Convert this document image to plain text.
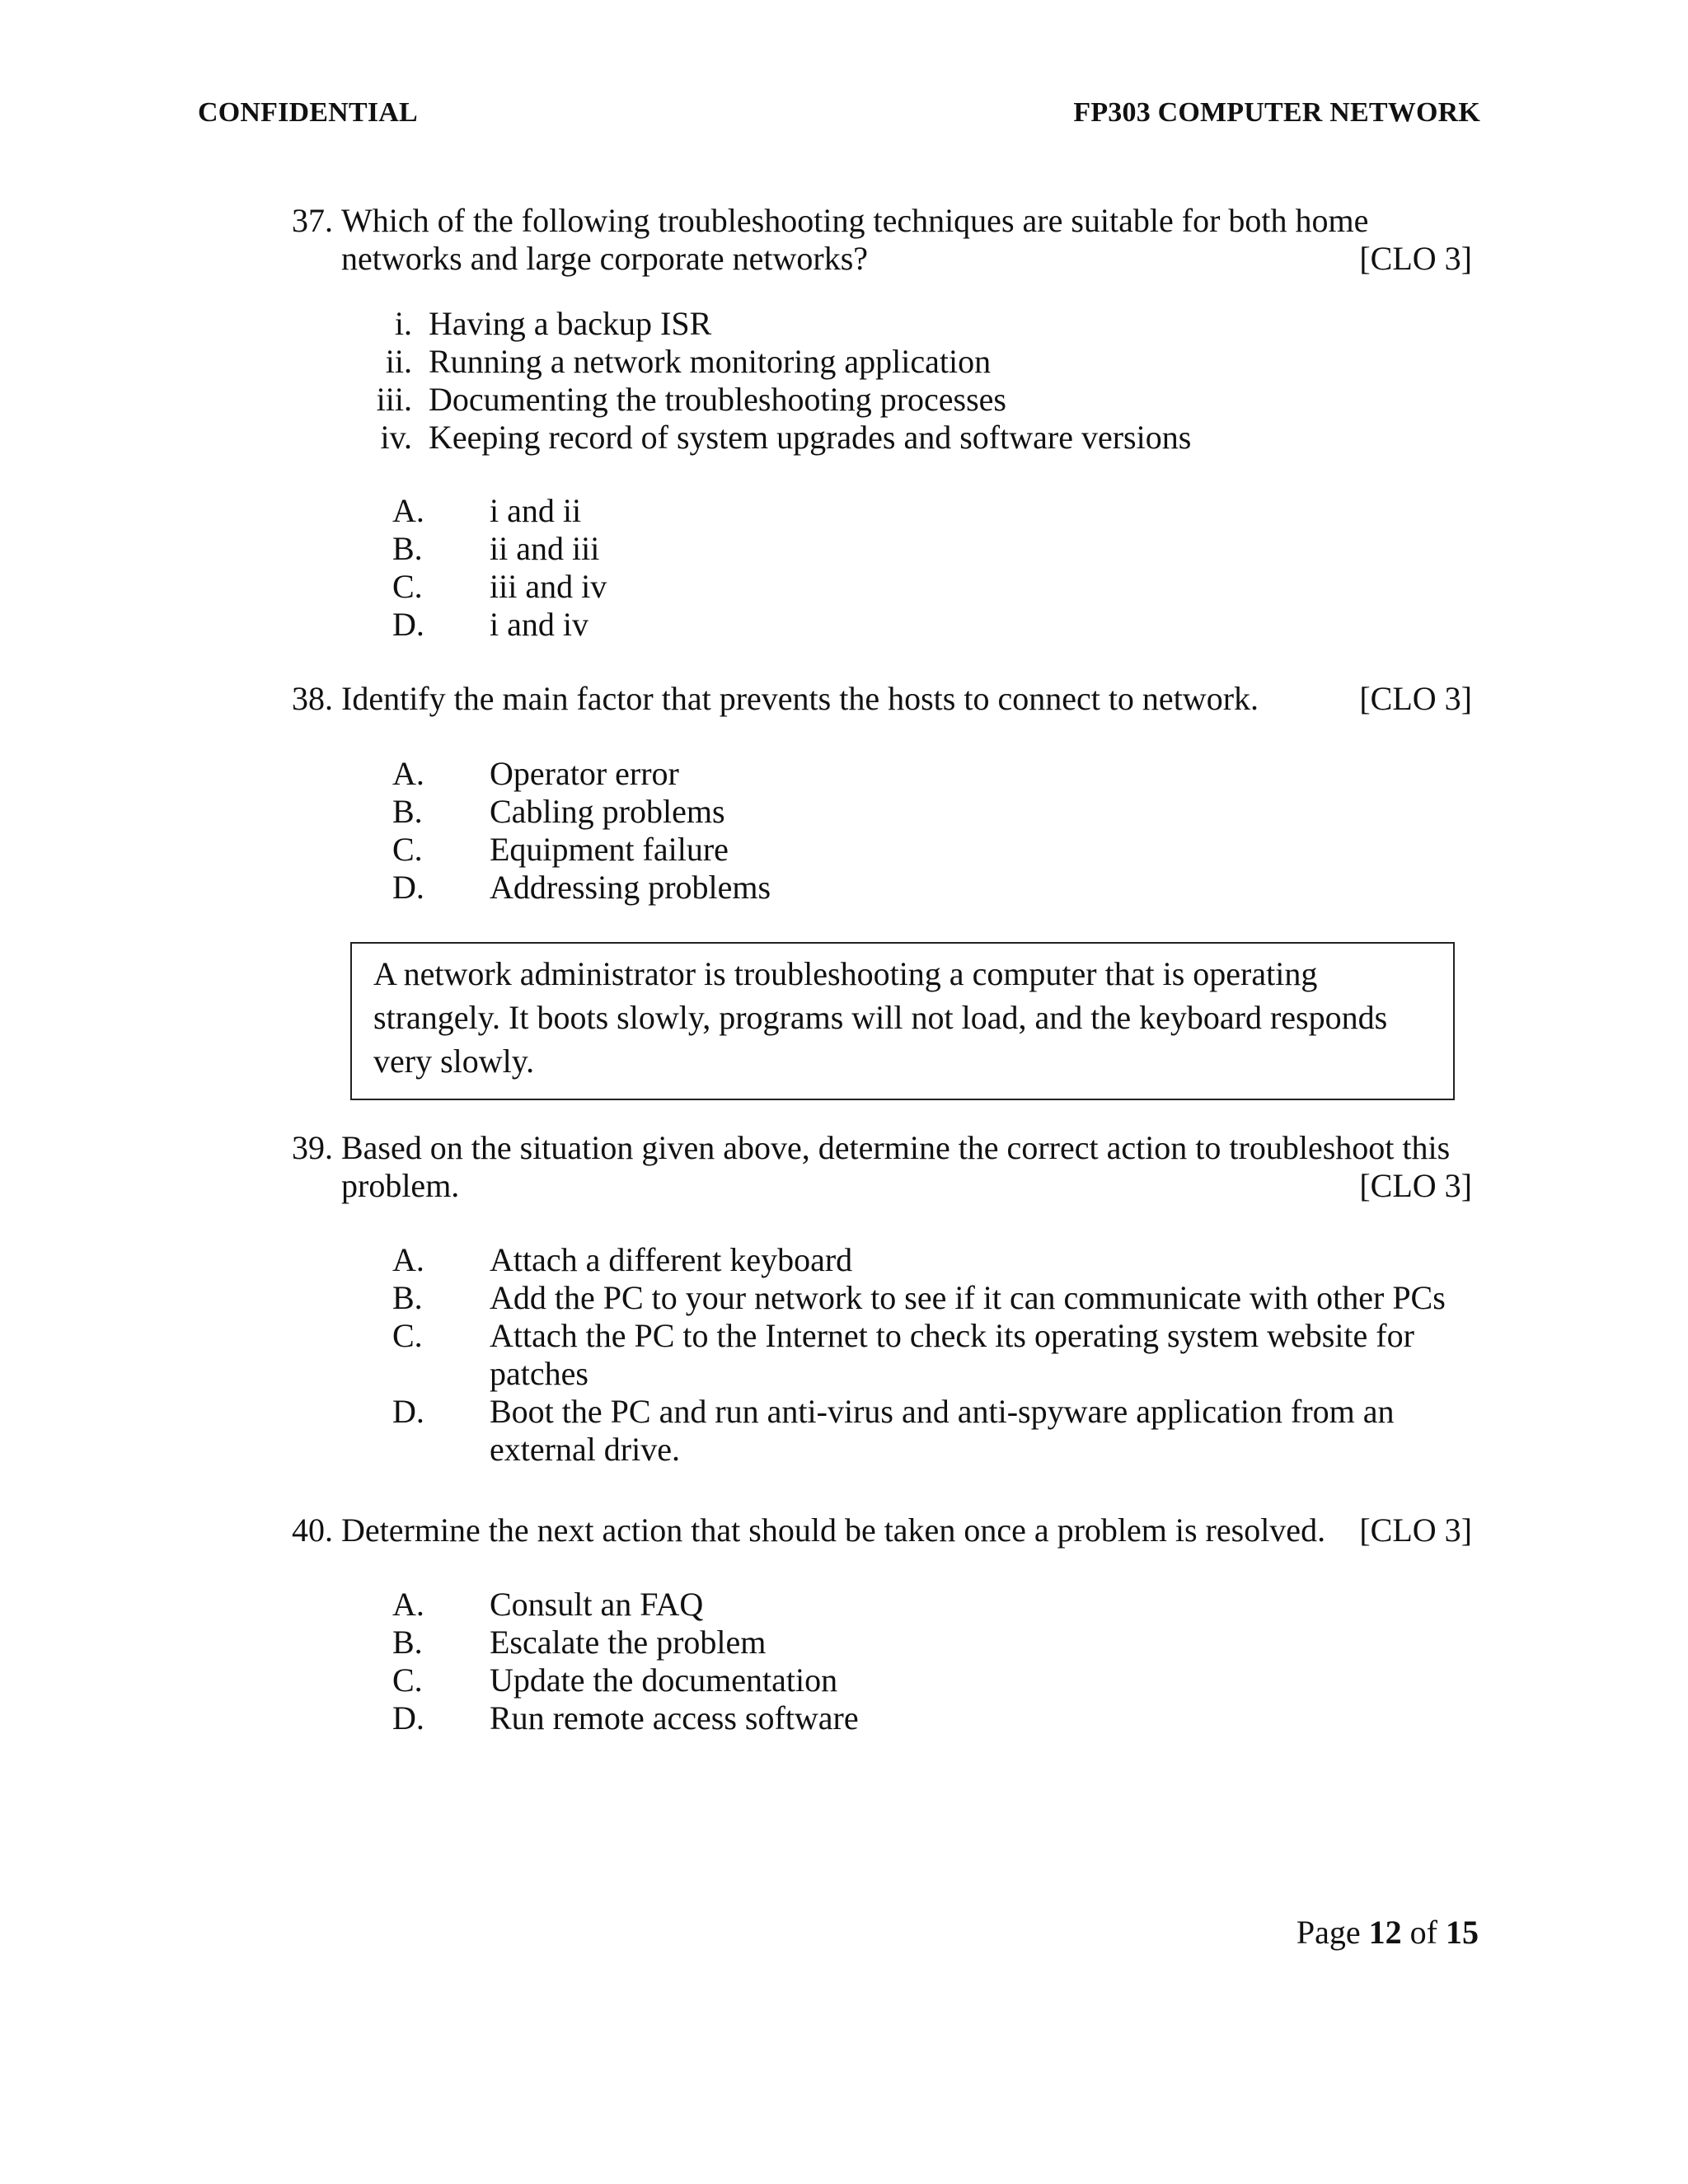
CONFIDENTIAL	FP303 COMPUTER NETWORK
37. Which of the following troubleshooting techniques are suitable for both home
networks and large corporate networks?	[CLO 3]
i. Having a backup ISR
ii. Running a network monitoring application
iii. Documenting the troubleshooting processes
iv. Keeping record of system upgrades and software versions
A.	i and ii
B.	ii and iii
C.	iii and iv
D.	i and iv
38. Identify the main factor that prevents the hosts to connect to network.	[CLO 3]
A.	Operator error
B.	Cabling problems
C.	Equipment failure
D.	Addressing problems
A network administrator is troubleshooting a computer that is operating strangely. It boots slowly, programs will not load, and the keyboard responds very slowly.
39. Based on the situation given above, determine the correct action to troubleshoot this
problem.	[CLO 3]
A.	Attach a different keyboard
B.	Add the PC to your network to see if it can communicate with other PCs
C.	Attach the PC to the Internet to check its operating system website for patches
D.	Boot the PC and run anti-virus and anti-spyware application from an external drive.
40. Determine the next action that should be taken once a problem is resolved.	[CLO 3]
A.	Consult an FAQ
B.	Escalate the problem
C.	Update the documentation
D.	Run remote access software
Page 12 of 15
